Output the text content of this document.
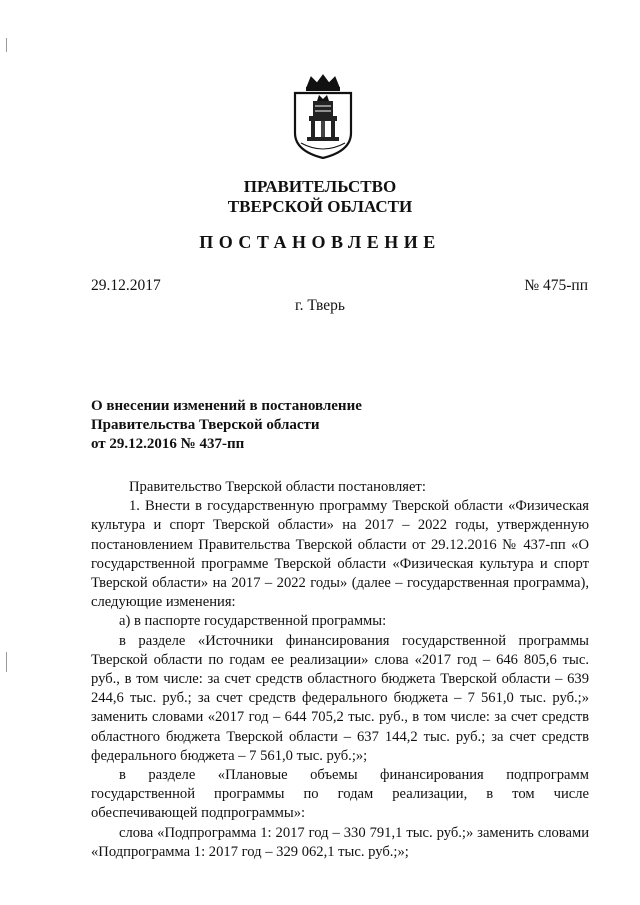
ПРАВИТЕЛЬСТВО
ТВЕРСКОЙ ОБЛАСТИ
ПОСТАНОВЛЕНИЕ
29.12.2017	№ 475-пп
г. Тверь
О внесении изменений в постановление
Правительства Тверской области
от 29.12.2016 № 437-пп

Правительство Тверской области постановляет:

1. Внести в государственную программу Тверской области «Физическая культура и спорт Тверской области» на 2017 – 2022 годы, утвержденную постановлением Правительства Тверской области от 29.12.2016 № 437-пп «О государственной программе Тверской области «Физическая культура и спорт Тверской области» на 2017 – 2022 годы» (далее – государственная программа), следующие изменения:

а) в паспорте государственной программы:

в разделе «Источники финансирования государственной программы Тверской области по годам ее реализации» слова «2017 год – 646 805,6 тыс. руб., в том числе: за счет средств областного бюджета Тверской области – 639 244,6 тыс. руб.; за счет средств федерального бюджета – 7 561,0 тыс. руб.;» заменить словами «2017 год – 644 705,2 тыс. руб., в том числе: за счет средств областного бюджета Тверской области – 637 144,2 тыс. руб.; за счет средств федерального бюджета – 7 561,0 тыс. руб.;»;

в разделе «Плановые объемы финансирования подпрограмм государственной программы по годам реализации, в том числе обеспечивающей подпрограммы»:

слова «Подпрограмма 1: 2017 год – 330 791,1 тыс. руб.;» заменить словами «Подпрограмма 1: 2017 год – 329 062,1 тыс. руб.;»;
